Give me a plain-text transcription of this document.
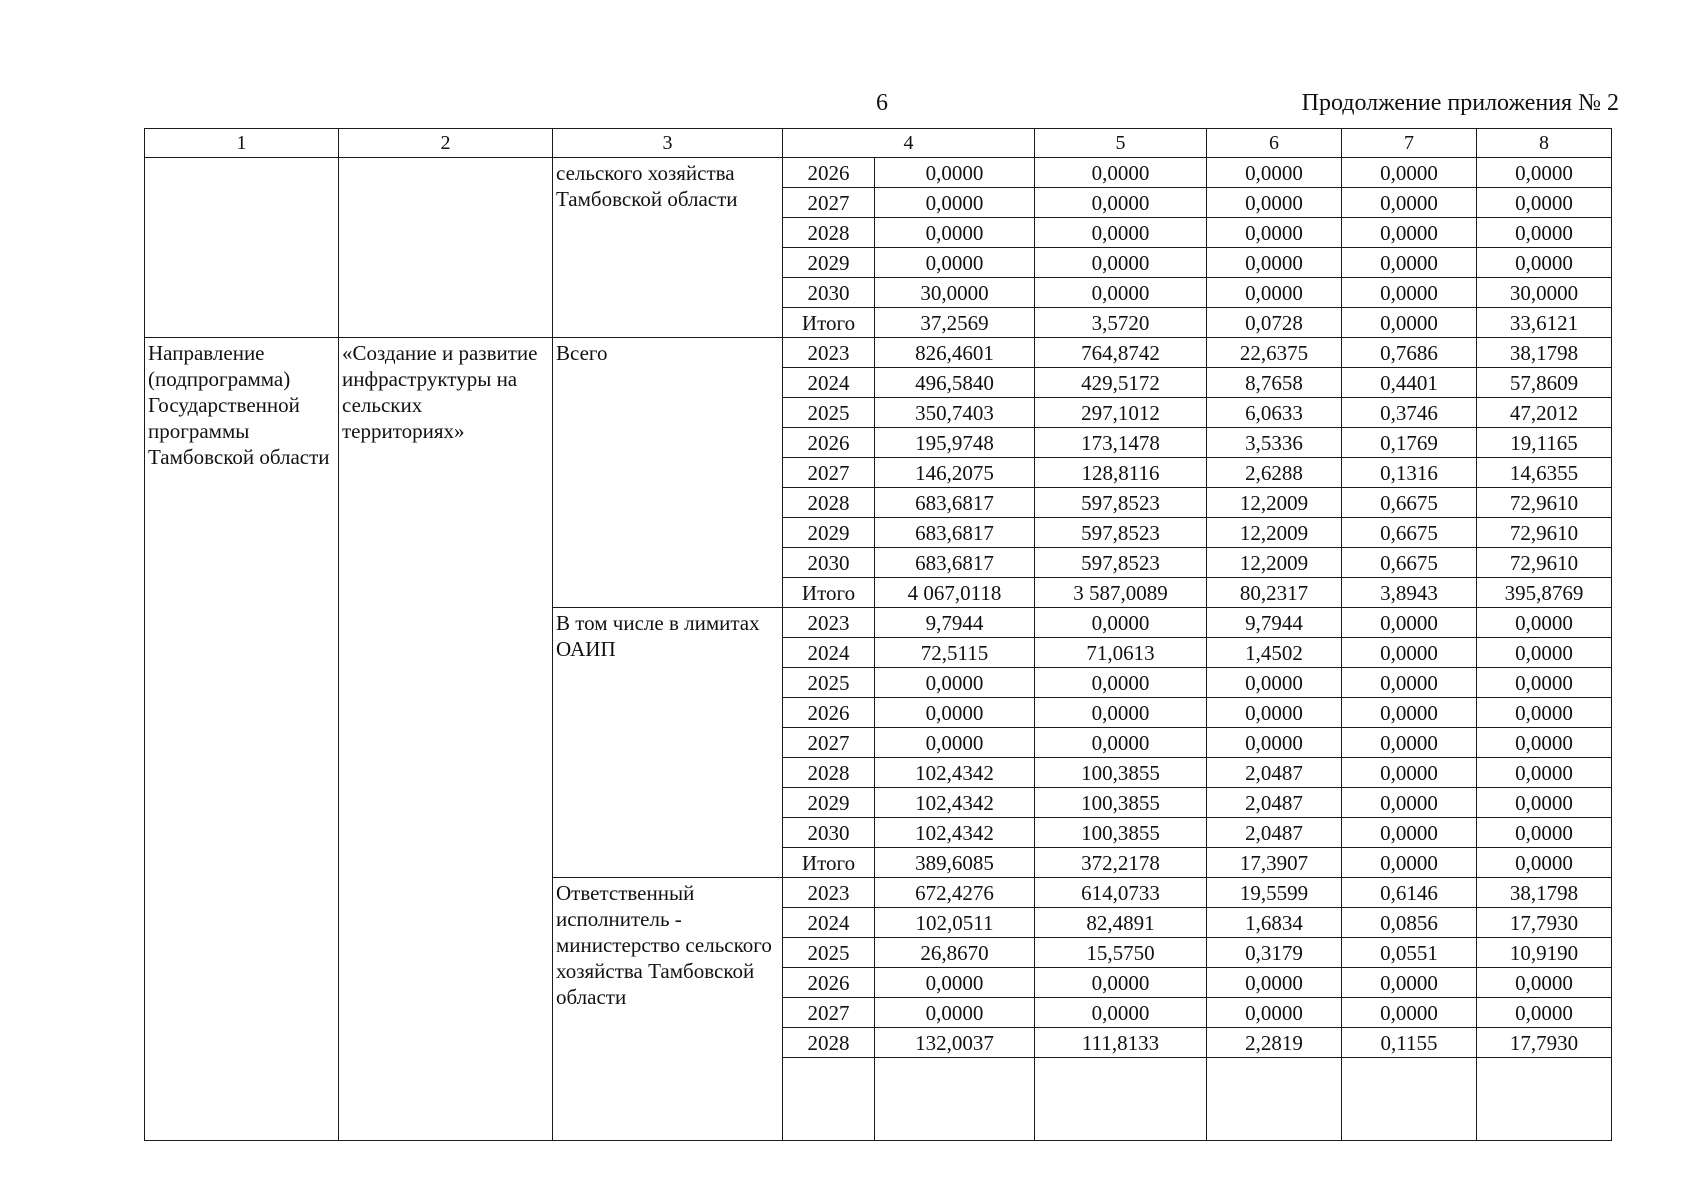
6	Продолжение приложения № 2
1	2	3	4		5	6	7	8
		сельского хозяйства Тамбовской области	2026	0,0000	0,0000	0,0000	0,0000	0,0000
			2027	0,0000	0,0000	0,0000	0,0000	0,0000
			2028	0,0000	0,0000	0,0000	0,0000	0,0000
			2029	0,0000	0,0000	0,0000	0,0000	0,0000
			2030	30,0000	0,0000	0,0000	0,0000	30,0000
			Итого	37,2569	3,5720	0,0728	0,0000	33,6121
Направление (подпрограмма) Государственной программы Тамбовской области	«Создание и развитие инфраструктуры на сельских территориях»	Всего	2023	826,4601	764,8742	22,6375	0,7686	38,1798
			2024	496,5840	429,5172	8,7658	0,4401	57,8609
			2025	350,7403	297,1012	6,0633	0,3746	47,2012
			2026	195,9748	173,1478	3,5336	0,1769	19,1165
			2027	146,2075	128,8116	2,6288	0,1316	14,6355
			2028	683,6817	597,8523	12,2009	0,6675	72,9610
			2029	683,6817	597,8523	12,2009	0,6675	72,9610
			2030	683,6817	597,8523	12,2009	0,6675	72,9610
			Итого	4 067,0118	3 587,0089	80,2317	3,8943	395,8769
		В том числе в лимитах ОАИП	2023	9,7944	0,0000	9,7944	0,0000	0,0000
			2024	72,5115	71,0613	1,4502	0,0000	0,0000
			2025	0,0000	0,0000	0,0000	0,0000	0,0000
			2026	0,0000	0,0000	0,0000	0,0000	0,0000
			2027	0,0000	0,0000	0,0000	0,0000	0,0000
			2028	102,4342	100,3855	2,0487	0,0000	0,0000
			2029	102,4342	100,3855	2,0487	0,0000	0,0000
			2030	102,4342	100,3855	2,0487	0,0000	0,0000
			Итого	389,6085	372,2178	17,3907	0,0000	0,0000
		Ответственный исполнитель - министерство сельского хозяйства Тамбовской области	2023	672,4276	614,0733	19,5599	0,6146	38,1798
			2024	102,0511	82,4891	1,6834	0,0856	17,7930
			2025	26,8670	15,5750	0,3179	0,0551	10,9190
			2026	0,0000	0,0000	0,0000	0,0000	0,0000
			2027	0,0000	0,0000	0,0000	0,0000	0,0000
			2028	132,0037	111,8133	2,2819	0,1155	17,7930
